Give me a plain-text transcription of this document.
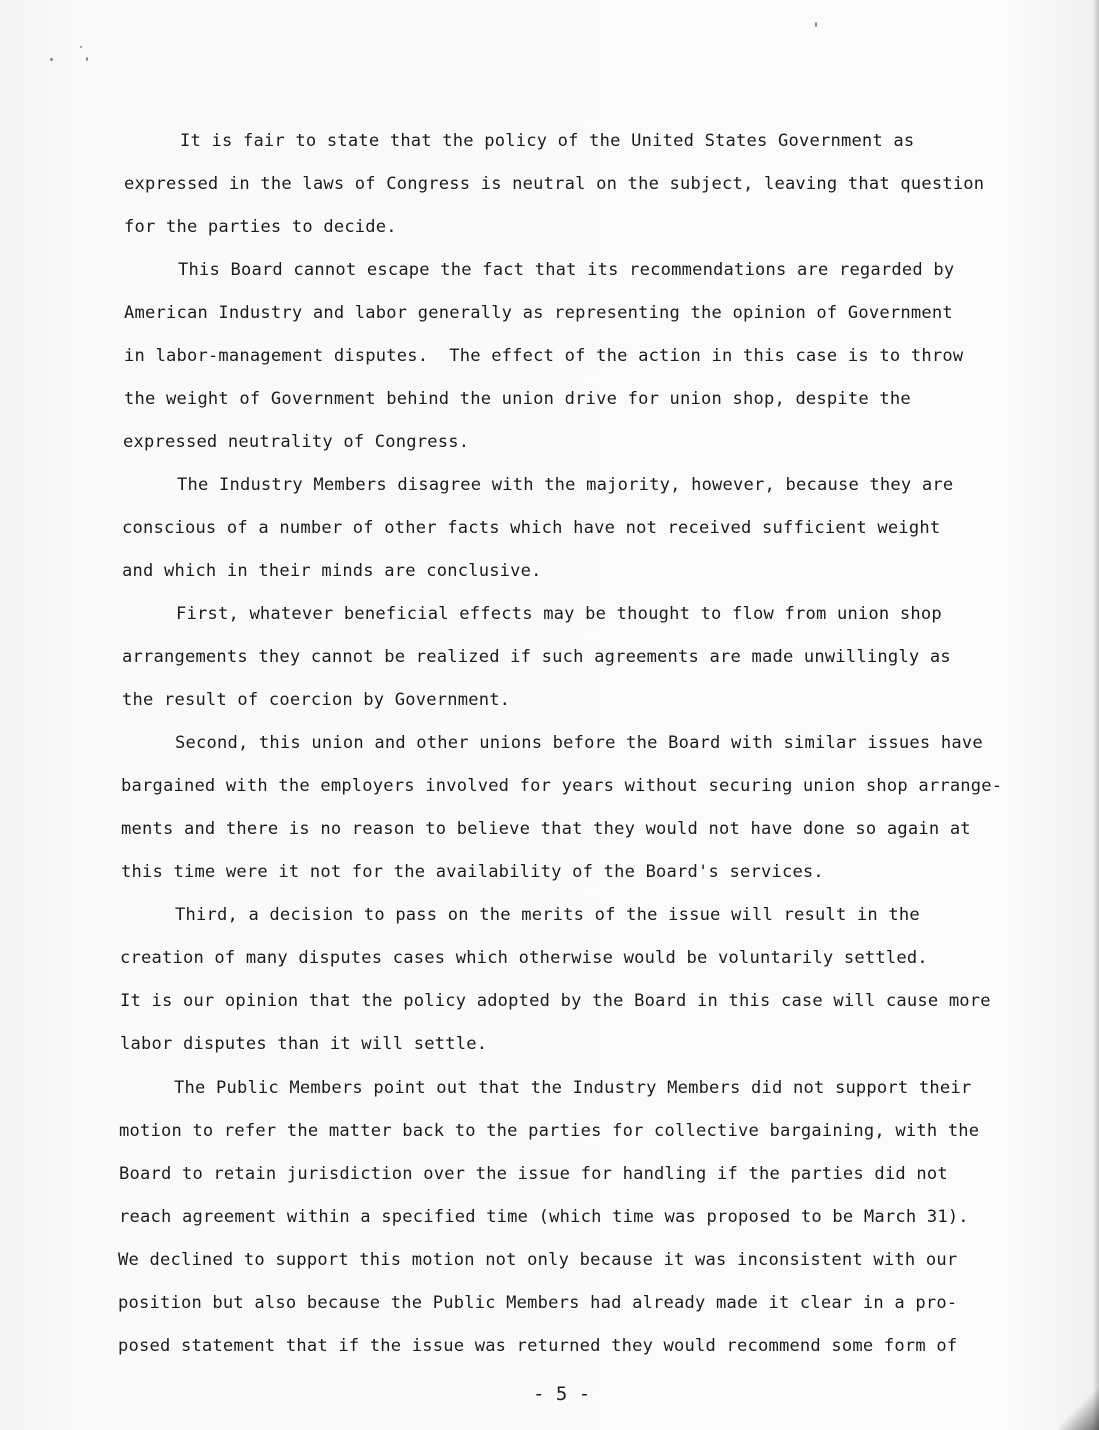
It is fair to state that the policy of the United States Government as
expressed in the laws of Congress is neutral on the subject, leaving that question
for the parties to decide.
This Board cannot escape the fact that its recommendations are regarded by
American Industry and labor generally as representing the opinion of Government
in labor-management disputes.  The effect of the action in this case is to throw
the weight of Government behind the union drive for union shop, despite the
expressed neutrality of Congress.
The Industry Members disagree with the majority, however, because they are
conscious of a number of other facts which have not received sufficient weight
and which in their minds are conclusive.
First, whatever beneficial effects may be thought to flow from union shop
arrangements they cannot be realized if such agreements are made unwillingly as
the result of coercion by Government.
Second, this union and other unions before the Board with similar issues have
bargained with the employers involved for years without securing union shop arrange-
ments and there is no reason to believe that they would not have done so again at
this time were it not for the availability of the Board's services.
Third, a decision to pass on the merits of the issue will result in the
creation of many disputes cases which otherwise would be voluntarily settled.
It is our opinion that the policy adopted by the Board in this case will cause more
labor disputes than it will settle.
The Public Members point out that the Industry Members did not support their
motion to refer the matter back to the parties for collective bargaining, with the
Board to retain jurisdiction over the issue for handling if the parties did not
reach agreement within a specified time (which time was proposed to be March 31).
We declined to support this motion not only because it was inconsistent with our
position but also because the Public Members had already made it clear in a pro-
posed statement that if the issue was returned they would recommend some form of
- 5 -
